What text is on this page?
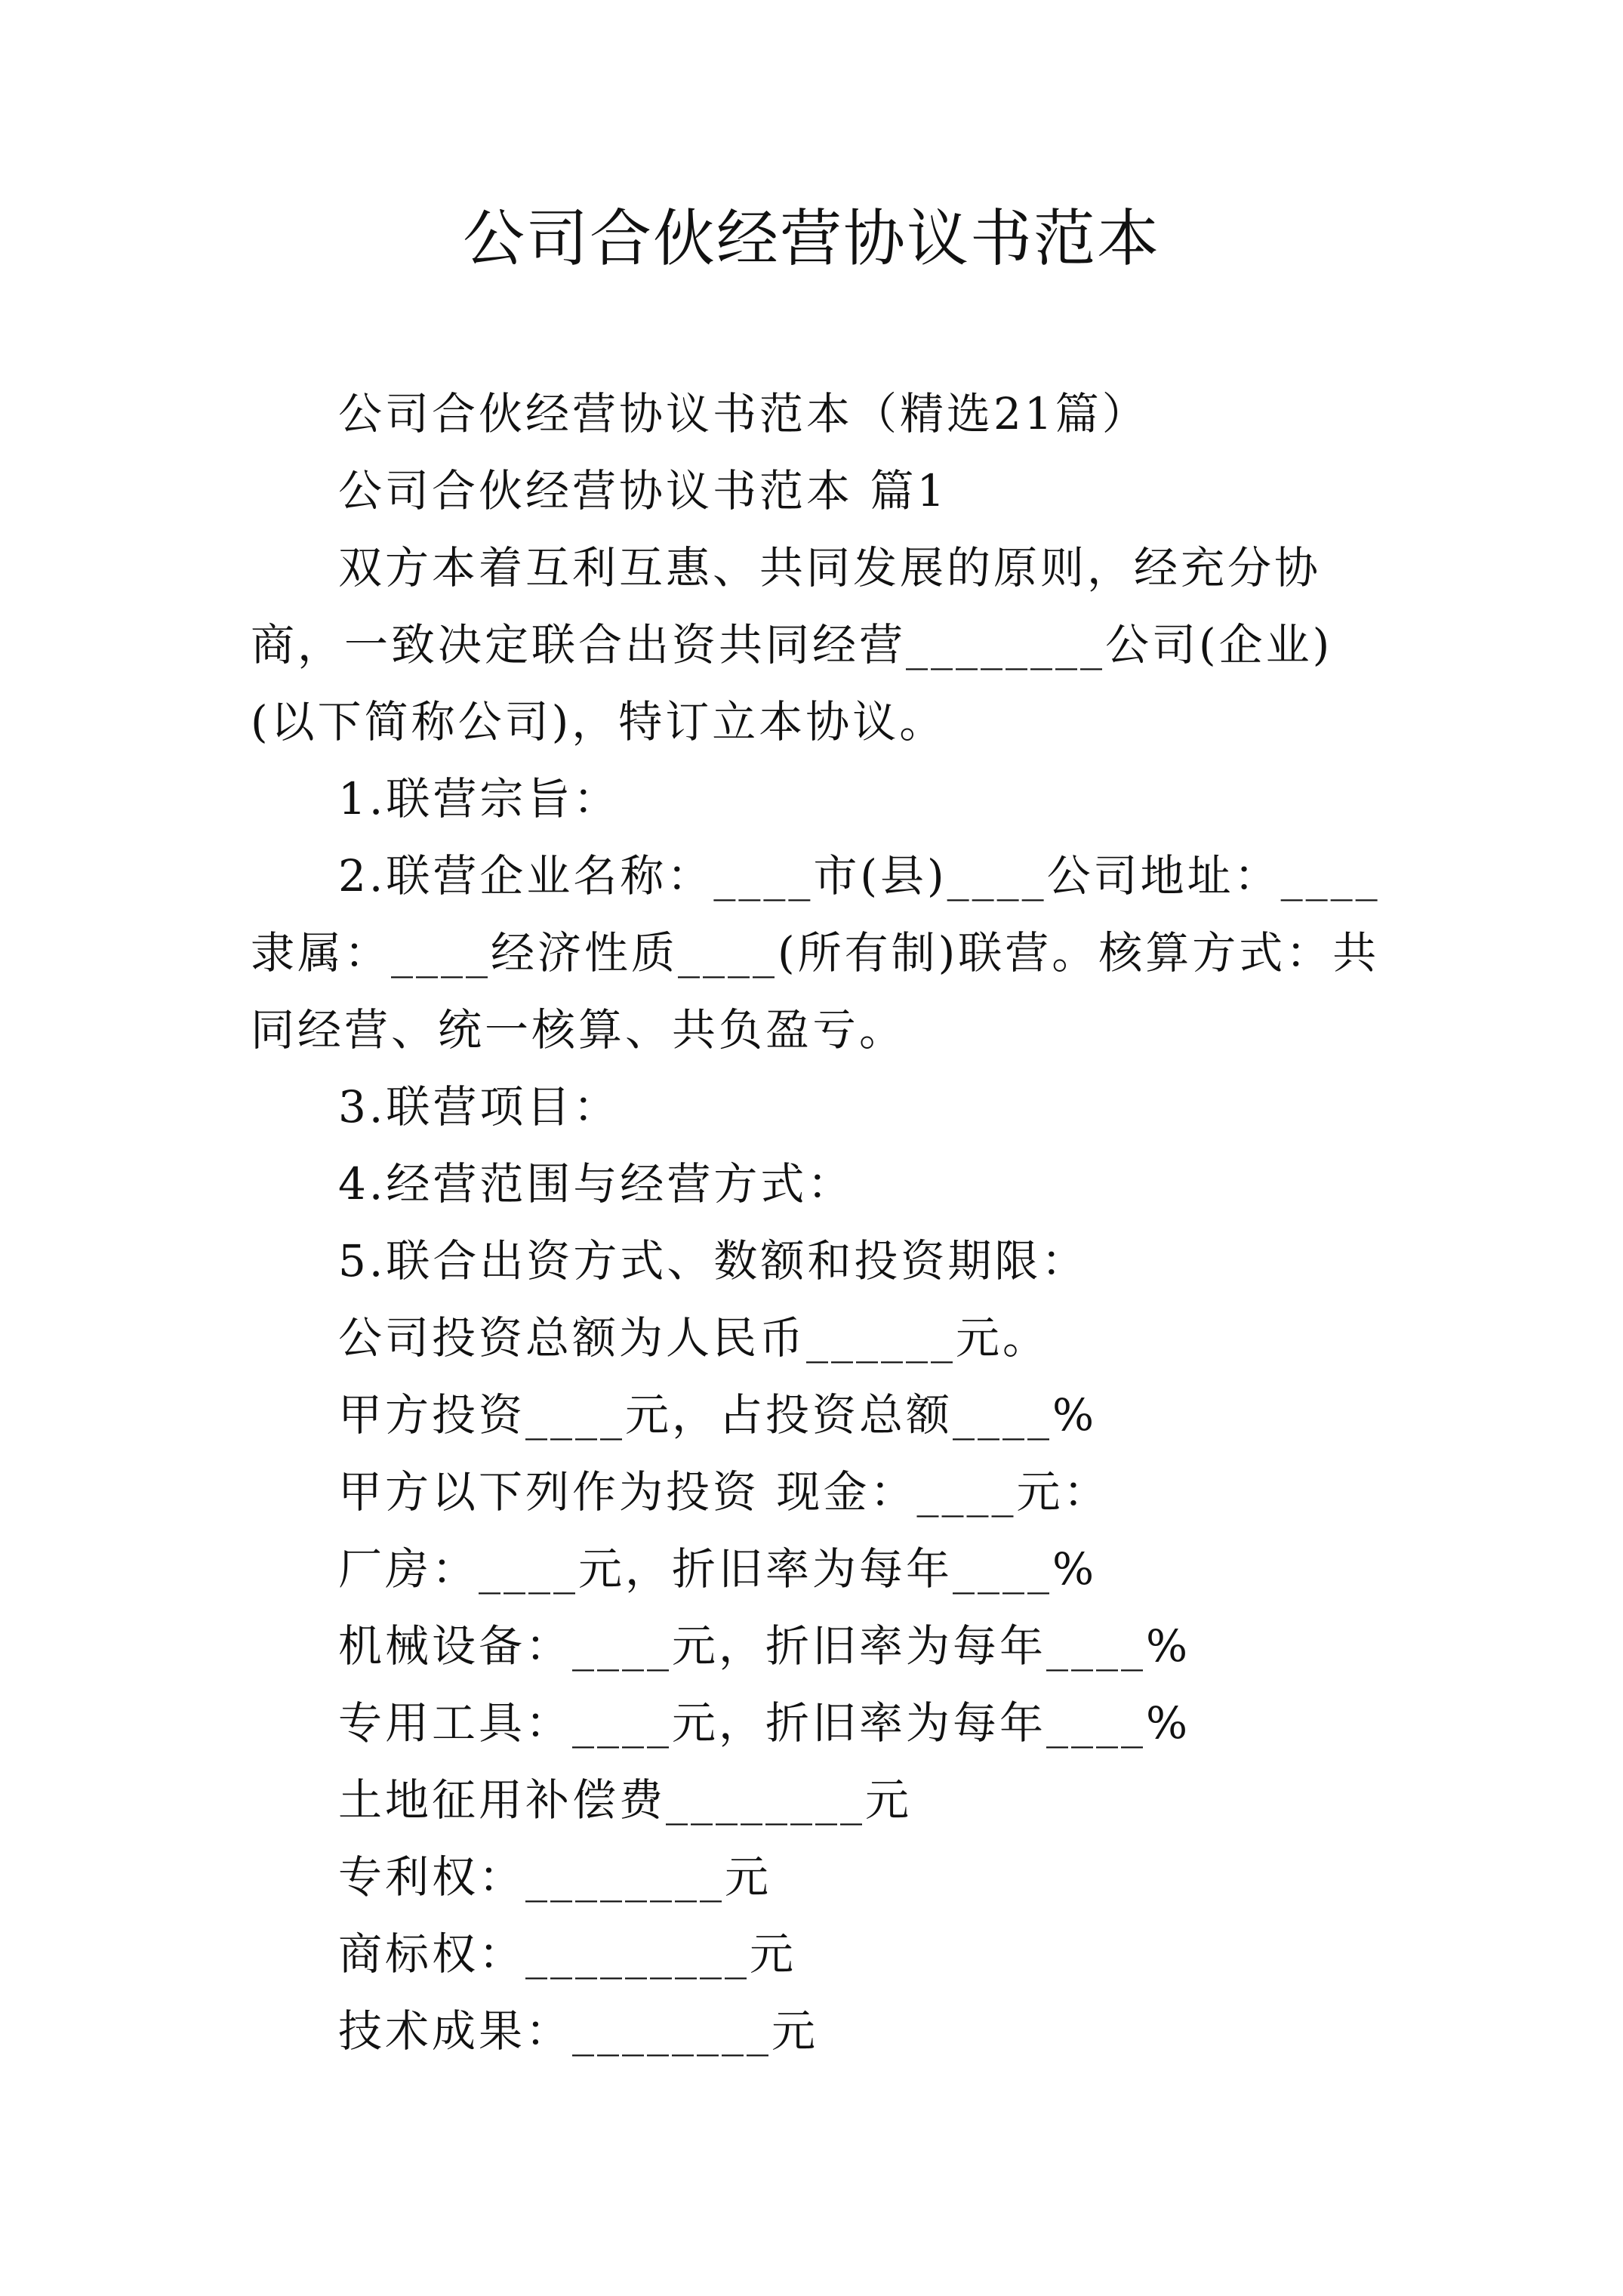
公司合伙经营协议书范本

公司合伙经营协议书范本（精选21篇）

公司合伙经营协议书范本 篇1

双方本着互利互惠、共同发展的原则，经充分协商，一致决定联合出资共同经营________公司(企业)(以下简称公司)，特订立本协议。

1.联营宗旨：

2.联营企业名称：____市(县)____公司地址：____隶属：____经济性质____(所有制)联营。核算方式：共同经营、统一核算、共负盈亏。

3.联营项目：

4.经营范围与经营方式：

5.联合出资方式、数额和投资期限：

公司投资总额为人民币______元。

甲方投资____元，占投资总额____%

甲方以下列作为投资 现金：____元：

厂房：____元，折旧率为每年____%

机械设备：____元，折旧率为每年____%

专用工具：____元，折旧率为每年____%

土地征用补偿费________元

专利权：________元

商标权：_________元

技术成果：________元
